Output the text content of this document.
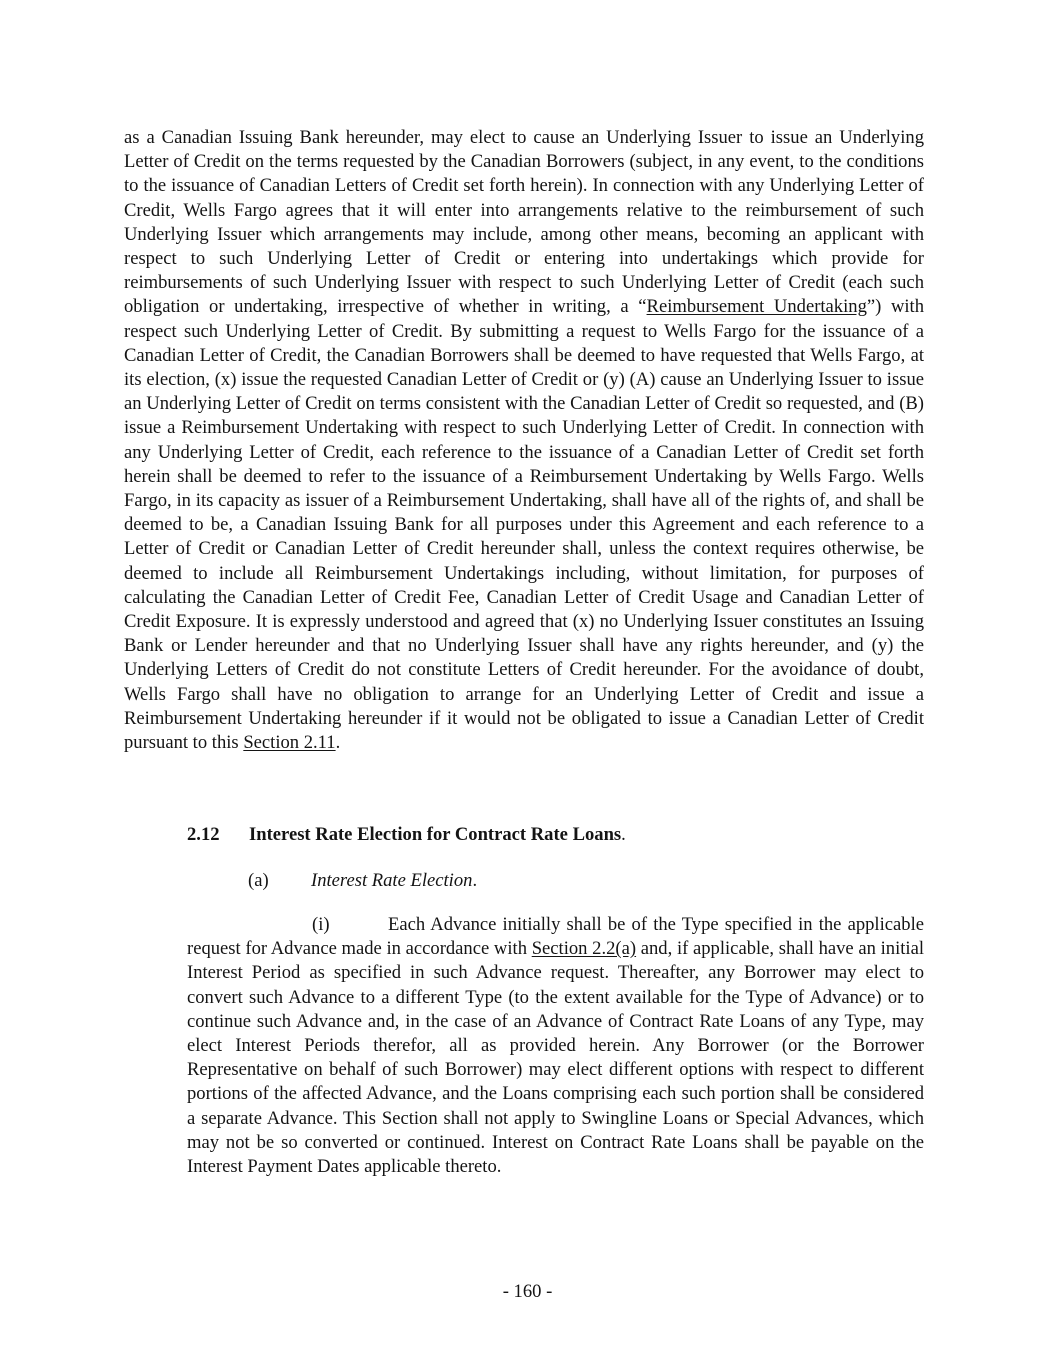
as a Canadian Issuing Bank hereunder, may elect to cause an Underlying Issuer to issue an Underlying Letter of Credit on the terms requested by the Canadian Borrowers (subject, in any event, to the conditions to the issuance of Canadian Letters of Credit set forth herein). In connection with any Underlying Letter of Credit, Wells Fargo agrees that it will enter into arrangements relative to the reimbursement of such Underlying Issuer which arrangements may include, among other means, becoming an applicant with respect to such Underlying Letter of Credit or entering into undertakings which provide for reimbursements of such Underlying Issuer with respect to such Underlying Letter of Credit (each such obligation or undertaking, irrespective of whether in writing, a “Reimbursement Undertaking”) with respect such Underlying Letter of Credit. By submitting a request to Wells Fargo for the issuance of a Canadian Letter of Credit, the Canadian Borrowers shall be deemed to have requested that Wells Fargo, at its election, (x) issue the requested Canadian Letter of Credit or (y) (A) cause an Underlying Issuer to issue an Underlying Letter of Credit on terms consistent with the Canadian Letter of Credit so requested, and (B) issue a Reimbursement Undertaking with respect to such Underlying Letter of Credit. In connection with any Underlying Letter of Credit, each reference to the issuance of a Canadian Letter of Credit set forth herein shall be deemed to refer to the issuance of a Reimbursement Undertaking by Wells Fargo. Wells Fargo, in its capacity as issuer of a Reimbursement Undertaking, shall have all of the rights of, and shall be deemed to be, a Canadian Issuing Bank for all purposes under this Agreement and each reference to a Letter of Credit or Canadian Letter of Credit hereunder shall, unless the context requires otherwise, be deemed to include all Reimbursement Undertakings including, without limitation, for purposes of calculating the Canadian Letter of Credit Fee, Canadian Letter of Credit Usage and Canadian Letter of Credit Exposure. It is expressly understood and agreed that (x) no Underlying Issuer constitutes an Issuing Bank or Lender hereunder and that no Underlying Issuer shall have any rights hereunder, and (y) the Underlying Letters of Credit do not constitute Letters of Credit hereunder. For the avoidance of doubt, Wells Fargo shall have no obligation to arrange for an Underlying Letter of Credit and issue a Reimbursement Undertaking hereunder if it would not be obligated to issue a Canadian Letter of Credit pursuant to this Section 2.11.

2.12 Interest Rate Election for Contract Rate Loans.

(a) Interest Rate Election.

(i)	Each Advance initially shall be of the Type specified in the applicable request for Advance made in accordance with Section 2.2(a) and, if applicable, shall have an initial Interest Period as specified in such Advance request. Thereafter, any Borrower may elect to convert such Advance to a different Type (to the extent available for the Type of Advance) or to continue such Advance and, in the case of an Advance of Contract Rate Loans of any Type, may elect Interest Periods therefor, all as provided herein. Any Borrower (or the Borrower Representative on behalf of such Borrower) may elect different options with respect to different portions of the affected Advance, and the Loans comprising each such portion shall be considered a separate Advance. This Section shall not apply to Swingline Loans or Special Advances, which may not be so converted or continued. Interest on Contract Rate Loans shall be payable on the Interest Payment Dates applicable thereto.

- 160 -
